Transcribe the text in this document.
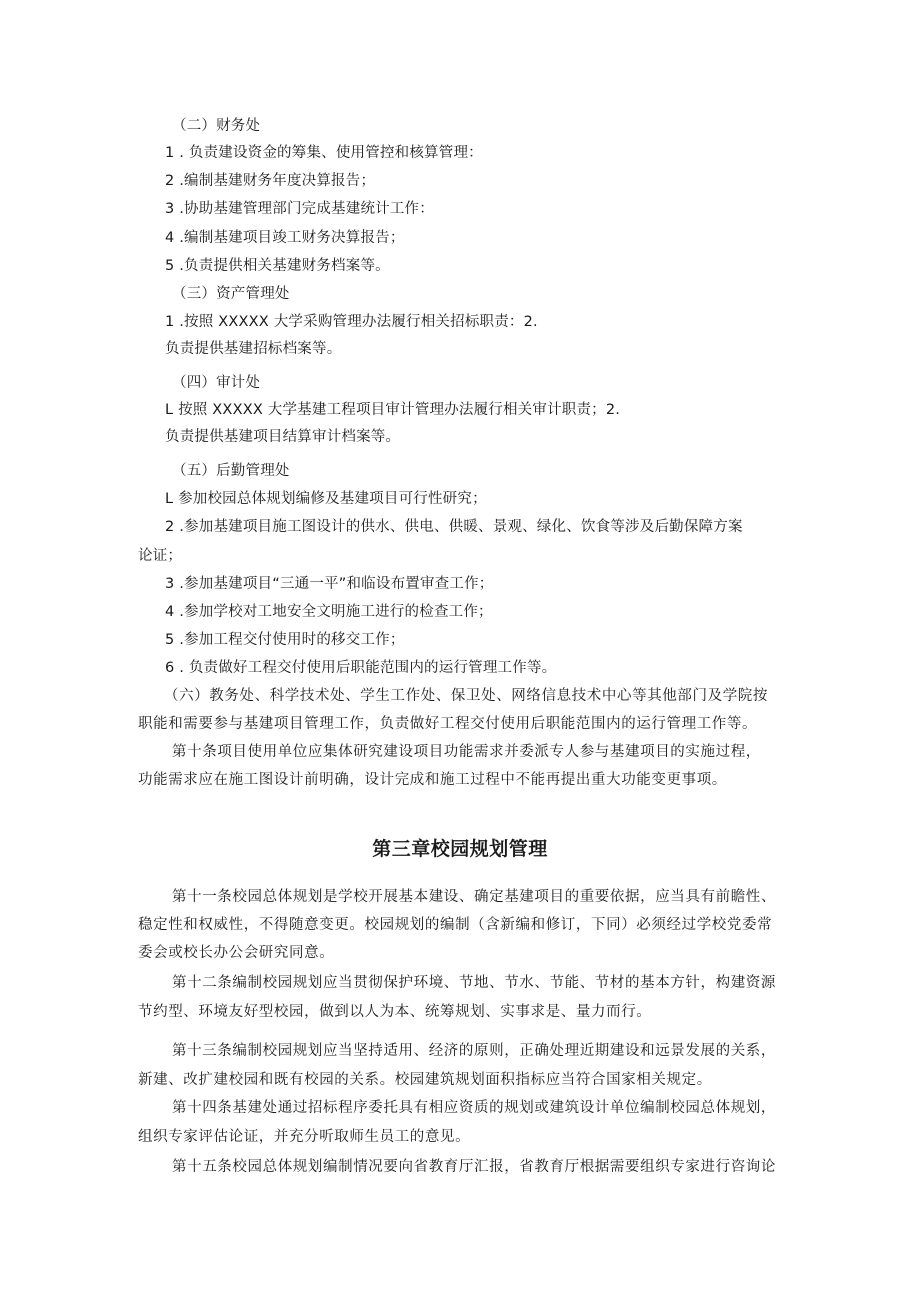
（二）财务处
1 . 负责建设资金的筹集、使用管控和核算管理：
2 .编制基建财务年度决算报告；
3 .协助基建管理部门完成基建统计工作：
4 .编制基建项目竣工财务决算报告；
5 .负责提供相关基建财务档案等。
（三）资产管理处
1 .按照 XXXXX 大学采购管理办法履行相关招标职责：2.
负责提供基建招标档案等。
（四）审计处
L 按照 XXXXX 大学基建工程项目审计管理办法履行相关审计职责；2.
负责提供基建项目结算审计档案等。
（五）后勤管理处
L 参加校园总体规划编修及基建项目可行性研究；
2 .参加基建项目施工图设计的供水、供电、供暖、景观、绿化、饮食等涉及后勤保障方案
论证；
3 .参加基建项目“三通一平”和临设布置审查工作；
4 .参加学校对工地安全文明施工进行的检查工作；
5 .参加工程交付使用时的移交工作；
6 . 负责做好工程交付使用后职能范围内的运行管理工作等。
（六）教务处、科学技术处、学生工作处、保卫处、网络信息技术中心等其他部门及学院按
职能和需要参与基建项目管理工作，负责做好工程交付使用后职能范围内的运行管理工作等。
第十条项目使用单位应集体研究建设项目功能需求并委派专人参与基建项目的实施过程，
功能需求应在施工图设计前明确，设计完成和施工过程中不能再提出重大功能变更事项。
第三章校园规划管理
第十一条校园总体规划是学校开展基本建设、确定基建项目的重要依据，应当具有前瞻性、
稳定性和权威性，不得随意变更。校园规划的编制（含新编和修订，下同）必须经过学校党委常
委会或校长办公会研究同意。
第十二条编制校园规划应当贯彻保护环境、节地、节水、节能、节材的基本方针，构建资源
节约型、环境友好型校园，做到以人为本、统筹规划、实事求是、量力而行。
第十三条编制校园规划应当坚持适用、经济的原则，正确处理近期建设和远景发展的关系，
新建、改扩建校园和既有校园的关系。校园建筑规划面积指标应当符合国家相关规定。
第十四条基建处通过招标程序委托具有相应资质的规划或建筑设计单位编制校园总体规划，
组织专家评估论证，并充分听取师生员工的意见。
第十五条校园总体规划编制情况要向省教育厅汇报，省教育厅根据需要组织专家进行咨询论
